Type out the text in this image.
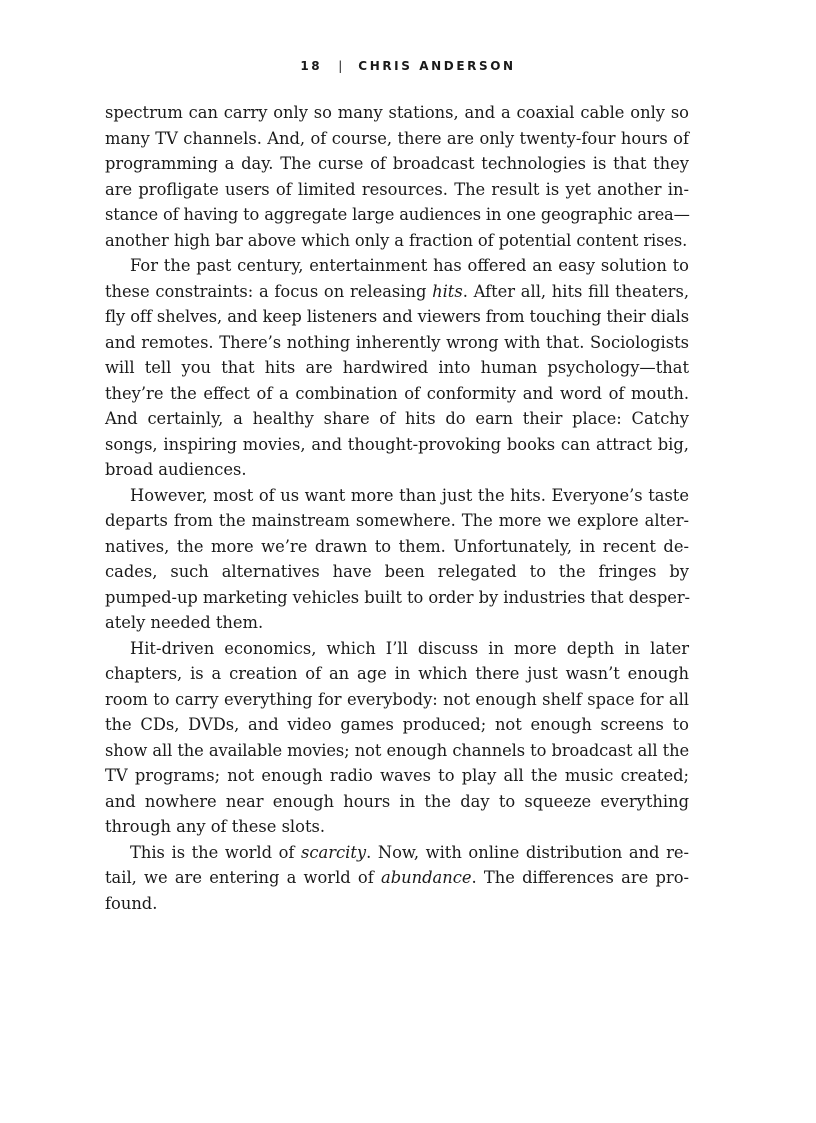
18 | CHRIS ANDERSON
spectrum can carry only so many stations, and a coaxial cable only so
many TV channels. And, of course, there are only twenty-four hours of
programming a day. The curse of broadcast technologies is that they
are profligate users of limited resources. The result is yet another in-
stance of having to aggregate large audiences in one geographic area—
another high bar above which only a fraction of potential content rises.
For the past century, entertainment has offered an easy solution to
these constraints: a focus on releasing hits. After all, hits fill theaters,
fly off shelves, and keep listeners and viewers from touching their dials
and remotes. There’s nothing inherently wrong with that. Sociologists
will tell you that hits are hardwired into human psychology—that
they’re the effect of a combination of conformity and word of mouth.
And certainly, a healthy share of hits do earn their place: Catchy
songs, inspiring movies, and thought-provoking books can attract big,
broad audiences.
However, most of us want more than just the hits. Everyone’s taste
departs from the mainstream somewhere. The more we explore alter-
natives, the more we’re drawn to them. Unfortunately, in recent de-
cades, such alternatives have been relegated to the fringes by
pumped-up marketing vehicles built to order by industries that desper-
ately needed them.
Hit-driven economics, which I’ll discuss in more depth in later
chapters, is a creation of an age in which there just wasn’t enough
room to carry everything for everybody: not enough shelf space for all
the CDs, DVDs, and video games produced; not enough screens to
show all the available movies; not enough channels to broadcast all the
TV programs; not enough radio waves to play all the music created;
and nowhere near enough hours in the day to squeeze everything
through any of these slots.
This is the world of scarcity. Now, with online distribution and re-
tail, we are entering a world of abundance. The differences are pro-
found.
